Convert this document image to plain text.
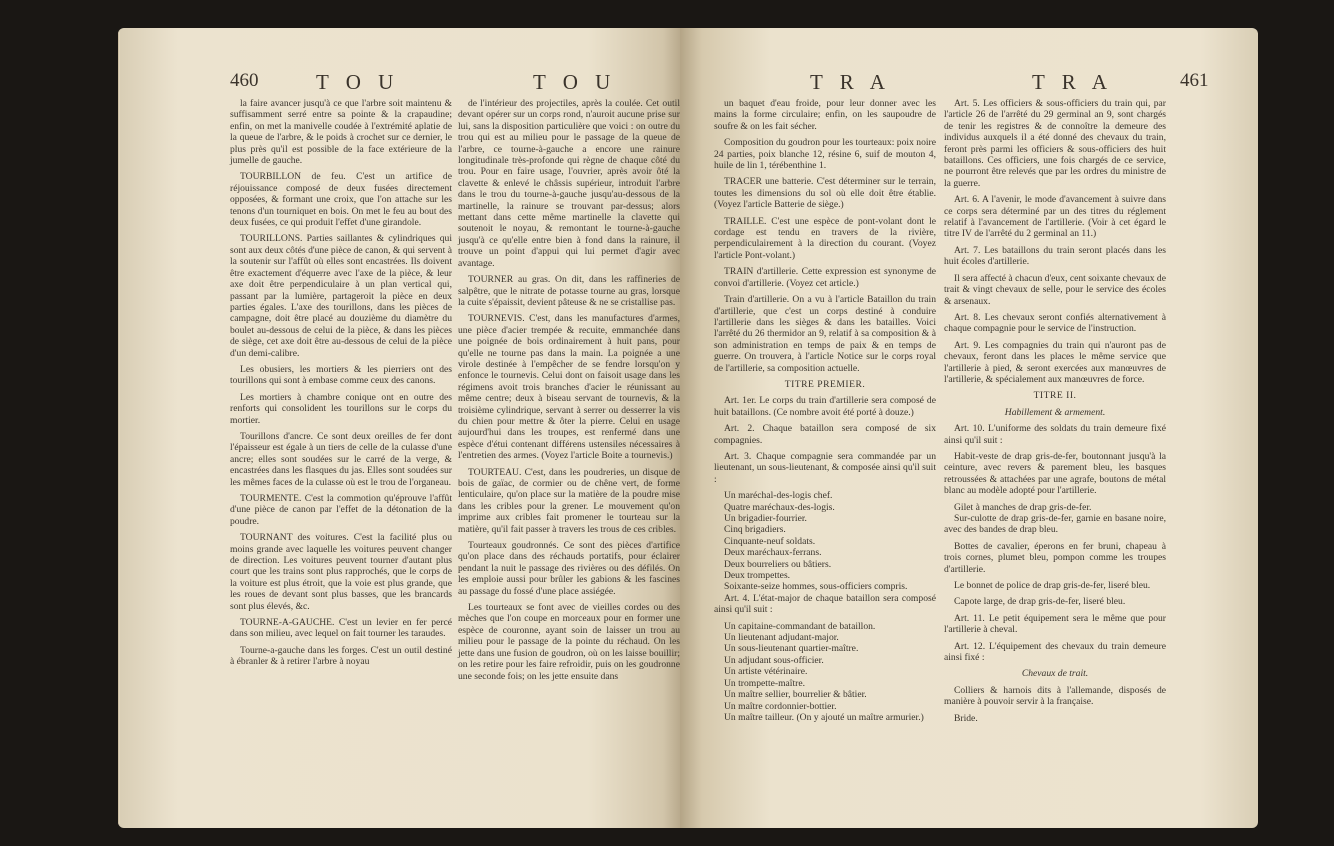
460	T O U	T O U

la faire avancer jusqu'à ce que l'arbre soit maintenu & suffisamment serré entre sa pointe & la crapaudine; enfin, on met la manivelle coudée à l'extrémité aplatie de la queue de l'arbre, & le poids à crochet sur ce dernier, le plus près qu'il est possible de la face extérieure de la jumelle de gauche.

TOURBILLON de feu. C'est un artifice de réjouissance composé de deux fusées directement opposées, & formant une croix, que l'on attache sur les tenons d'un tourniquet en bois. On met le feu au bout des deux fusées, ce qui produit l'effet d'une girandole.

TOURILLONS. Parties saillantes & cylindriques qui sont aux deux côtés d'une pièce de canon, & qui servent à la soutenir sur l'affût où elles sont encastrées. Ils doivent être exactement d'équerre avec l'axe de la pièce, & leur axe doit être perpendiculaire à un plan vertical qui, passant par la lumière, partageroit la pièce en deux parties égales. L'axe des tourillons, dans les pièces de campagne, doit être placé au douzième du diamètre du boulet au-dessous de celui de la pièce, & dans les pièces de siège, cet axe doit être au-dessous de celui de la pièce d'un demi-calibre.

Les obusiers, les mortiers & les pierriers ont des tourillons qui sont à embase comme ceux des canons.

Les mortiers à chambre conique ont en outre des renforts qui consolident les tourillons sur le corps du mortier.

Tourillons d'ancre. Ce sont deux oreilles de fer dont l'épaisseur est égale à un tiers de celle de la culasse d'une ancre; elles sont soudées sur le carré de la verge, & encastrées dans les flasques du jas. Elles sont soudées sur les mêmes faces de la culasse où est le trou de l'organeau.

TOURMENTE. C'est la commotion qu'éprouve l'affût d'une pièce de canon par l'effet de la détonation de la poudre.

TOURNANT des voitures. C'est la facilité plus ou moins grande avec laquelle les voitures peuvent changer de direction. Les voitures peuvent tourner d'autant plus court que les trains sont plus rapprochés, que le corps de la voiture est plus étroit, que la voie est plus grande, que les roues de devant sont plus basses, que les brancards sont plus élevés, &c.

TOURNE-A-GAUCHE. C'est un levier en fer percé dans son milieu, avec lequel on fait tourner les taraudes.

Tourne-a-gauche dans les forges. C'est un outil destiné à ébranler & à retirer l'arbre à noyau

de l'intérieur des projectiles, après la coulée. Cet outil devant opérer sur un corps rond, n'auroit aucune prise sur lui, sans la disposition particulière que voici : on outre du trou qui est au milieu pour le passage de la queue de l'arbre, ce tourne-à-gauche a encore une rainure longitudinale très-profonde qui règne de chaque côté du trou. Pour en faire usage, l'ouvrier, après avoir ôté la clavette & enlevé le châssis supérieur, introduit l'arbre dans le trou du tourne-à-gauche jusqu'au-dessous de la martinelle, la rainure se trouvant par-dessus; alors mettant dans cette même martinelle la clavette qui soutenoit le noyau, & remontant le tourne-à-gauche jusqu'à ce qu'elle entre bien à fond dans la rainure, il trouve un point d'appui qui lui permet d'agir avec avantage.

TOURNER au gras. On dit, dans les raffineries de salpêtre, que le nitrate de potasse tourne au gras, lorsque la cuite s'épaissit, devient pâteuse & ne se cristallise pas.

TOURNEVIS. C'est, dans les manufactures d'armes, une pièce d'acier trempée & recuite, emmanchée dans une poignée de bois ordinairement à huit pans, pour qu'elle ne tourne pas dans la main. La poignée a une virole destinée à l'empêcher de se fendre lorsqu'on y enfonce le tournevis. Celui dont on faisoit usage dans les régimens avoit trois branches d'acier le réunissant au même centre; deux à biseau servant de tournevis, & la troisième cylindrique, servant à serrer ou desserrer la vis du chien pour mettre & ôter la pierre. Celui en usage aujourd'hui dans les troupes, est renfermé dans une espèce d'étui contenant différens ustensiles nécessaires à l'entretien des armes. (Voyez l'article Boite a tournevis.)

TOURTEAU. C'est, dans les poudreries, un disque de bois de gaïac, de cormier ou de chêne vert, de forme lenticulaire, qu'on place sur la matière de la poudre mise dans les cribles pour la grener. Le mouvement qu'on imprime aux cribles fait promener le tourteau sur la matière, qu'il fait passer à travers les trous de ces cribles.

Tourteaux goudronnés. Ce sont des pièces d'artifice qu'on place dans des réchauds portatifs, pour éclairer pendant la nuit le passage des rivières ou des défilés. On les emploie aussi pour brûler les gabions & les fascines au passage du fossé d'une place assiégée.

Les tourteaux se font avec de vieilles cordes ou des mèches que l'on coupe en morceaux pour en former une espèce de couronne, ayant soin de laisser un trou au milieu pour le passage de la pointe du réchaud. On les jette dans une fusion de goudron, où on les laisse bouillir; on les retire pour les faire refroidir, puis on les goudronne une seconde fois; on les jette ensuite dans

T R A	T R A	461

un baquet d'eau froide, pour leur donner avec les mains la forme circulaire; enfin, on les saupoudre de soufre & on les fait sécher.

Composition du goudron pour les tourteaux: poix noire 24 parties, poix blanche 12, résine 6, suif de mouton 4, huile de lin 1, térébenthine 1.

TRACER une batterie. C'est déterminer sur le terrain, toutes les dimensions du sol où elle doit être établie. (Voyez l'article Batterie de siège.)

TRAILLE. C'est une espèce de pont-volant dont le cordage est tendu en travers de la rivière, perpendiculairement à la direction du courant. (Voyez l'article Pont-volant.)

TRAIN d'artillerie. Cette expression est synonyme de convoi d'artillerie. (Voyez cet article.)

Train d'artillerie. On a vu à l'article Bataillon du train d'artillerie, que c'est un corps destiné à conduire l'artillerie dans les sièges & dans les batailles. Voici l'arrêté du 26 thermidor an 9, relatif à sa composition & à son administration en temps de paix & en temps de guerre. On trouvera, à l'article Notice sur le corps royal de l'artillerie, sa composition actuelle.

TITRE PREMIER.

Art. 1er. Le corps du train d'artillerie sera composé de huit bataillons. (Ce nombre avoit été porté à douze.)

Art. 2. Chaque bataillon sera composé de six compagnies.

Art. 3. Chaque compagnie sera commandée par un lieutenant, un sous-lieutenant, & composée ainsi qu'il suit :

Un maréchal-des-logis chef.

Quatre maréchaux-des-logis.

Un brigadier-fourrier.

Cinq brigadiers.

Cinquante-neuf soldats.

Deux maréchaux-ferrans.

Deux bourreliers ou bâtiers.

Deux trompettes.

Soixante-seize hommes, sous-officiers compris.

Art. 4. L'état-major de chaque bataillon sera composé ainsi qu'il suit :

Un capitaine-commandant de bataillon.

Un lieutenant adjudant-major.

Un sous-lieutenant quartier-maître.

Un adjudant sous-officier.

Un artiste vétérinaire.

Un trompette-maître.

Un maître sellier, bourrelier & bâtier.

Un maître cordonnier-bottier.

Un maître tailleur. (On y ajouté un maître armurier.)

Art. 5. Les officiers & sous-officiers du train qui, par l'article 26 de l'arrêté du 29 germinal an 9, sont chargés de tenir les registres & de connoître la demeure des individus auxquels il a été donné des chevaux du train, feront près parmi les officiers & sous-officiers des huit bataillons. Ces officiers, une fois chargés de ce service, ne pourront être relevés que par les ordres du ministre de la guerre.

Art. 6. A l'avenir, le mode d'avancement à suivre dans ce corps sera déterminé par un des titres du réglement relatif à l'avancement de l'artillerie. (Voir à cet égard le titre IV de l'arrêté du 2 germinal an 11.)

Art. 7. Les bataillons du train seront placés dans les huit écoles d'artillerie.

Il sera affecté à chacun d'eux, cent soixante chevaux de trait & vingt chevaux de selle, pour le service des écoles & arsenaux.

Art. 8. Les chevaux seront confiés alternativement à chaque compagnie pour le service de l'instruction.

Art. 9. Les compagnies du train qui n'auront pas de chevaux, feront dans les places le même service que l'artillerie à pied, & seront exercées aux manœuvres de l'artillerie, & spécialement aux manœuvres de force.

TITRE II.

Habillement & armement.

Art. 10. L'uniforme des soldats du train demeure fixé ainsi qu'il suit :

Habit-veste de drap gris-de-fer, boutonnant jusqu'à la ceinture, avec revers & parement bleu, les basques retroussées & attachées par une agrafe, boutons de métal blanc au modèle adopté pour l'artillerie.

Gilet à manches de drap gris-de-fer.

Sur-culotte de drap gris-de-fer, garnie en basane noire, avec des bandes de drap bleu.

Bottes de cavalier, éperons en fer bruni, chapeau à trois cornes, plumet bleu, pompon comme les troupes d'artillerie.

Le bonnet de police de drap gris-de-fer, liseré bleu.

Capote large, de drap gris-de-fer, liseré bleu.

Art. 11. Le petit équipement sera le même que pour l'artillerie à cheval.

Art. 12. L'équipement des chevaux du train demeure ainsi fixé :

Chevaux de trait.

Colliers & harnois dits à l'allemande, disposés de manière à pouvoir servir à la française.

Bride.
